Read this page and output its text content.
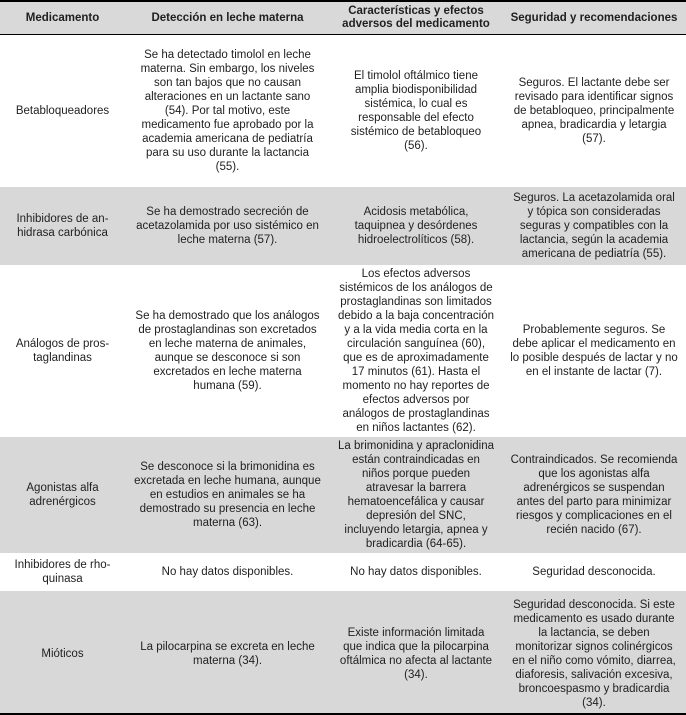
Medicamento	Detección en leche materna	Características y efectos adversos del medicamento	Seguridad y recomendaciones
Betabloqueadores	Se ha detectado timolol en leche materna. Sin embargo, los niveles son tan bajos que no causan alteraciones en un lactante sano (54). Por tal motivo, este medicamento fue aprobado por la academia americana de pediatría para su uso durante la lactancia (55).	El timolol oftálmico tiene amplia biodisponibilidad sistémica, lo cual es responsable del efecto sistémico de betabloqueo (56).	Seguros. El lactante debe ser revisado para identificar signos de betabloqueo, principalmente apnea, bradicardia y letargia (57).
Inhibidores de anhidrasa carbónica	Se ha demostrado secreción de acetazolamida por uso sistémico en leche materna (57).	Acidosis metabólica, taquipnea y desórdenes hidroelectrolíticos (58).	Seguros. La acetazolamida oral y tópica son consideradas seguras y compatibles con la lactancia, según la academia americana de pediatría (55).
Análogos de prostaglandinas	Se ha demostrado que los análogos de prostaglandinas son excretados en leche materna de animales, aunque se desconoce si son excretados en leche materna humana (59).	Los efectos adversos sistémicos de los análogos de prostaglandinas son limitados debido a la baja concentración y a la vida media corta en la circulación sanguínea (60), que es de aproximadamente 17 minutos (61). Hasta el momento no hay reportes de efectos adversos por análogos de prostaglandinas en niños lactantes (62).	Probablemente seguros. Se debe aplicar el medicamento en lo posible después de lactar y no en el instante de lactar (7).
Agonistas alfa adrenérgicos	Se desconoce si la brimonidina es excretada en leche humana, aunque en estudios en animales se ha demostrado su presencia en leche materna (63).	La brimonidina y apraclonidina están contraindicadas en niños porque pueden atravesar la barrera hematoencefálica y causar depresión del SNC, incluyendo letargia, apnea y bradicardia (64-65).	Contraindicados. Se recomienda que los agonistas alfa adrenérgicos se suspendan antes del parto para minimizar riesgos y complicaciones en el recién nacido (67).
Inhibidores de rho-quinasa	No hay datos disponibles.	No hay datos disponibles.	Seguridad desconocida.
Mióticos	La pilocarpina se excreta en leche materna (34).	Existe información limitada que indica que la pilocarpina oftálmica no afecta al lactante (34).	Seguridad desconocida. Si este medicamento es usado durante la lactancia, se deben monitorizar signos colinérgicos en el niño como vómito, diarrea, diaforesis, salivación excesiva, broncoespasmo y bradicardia (34).
